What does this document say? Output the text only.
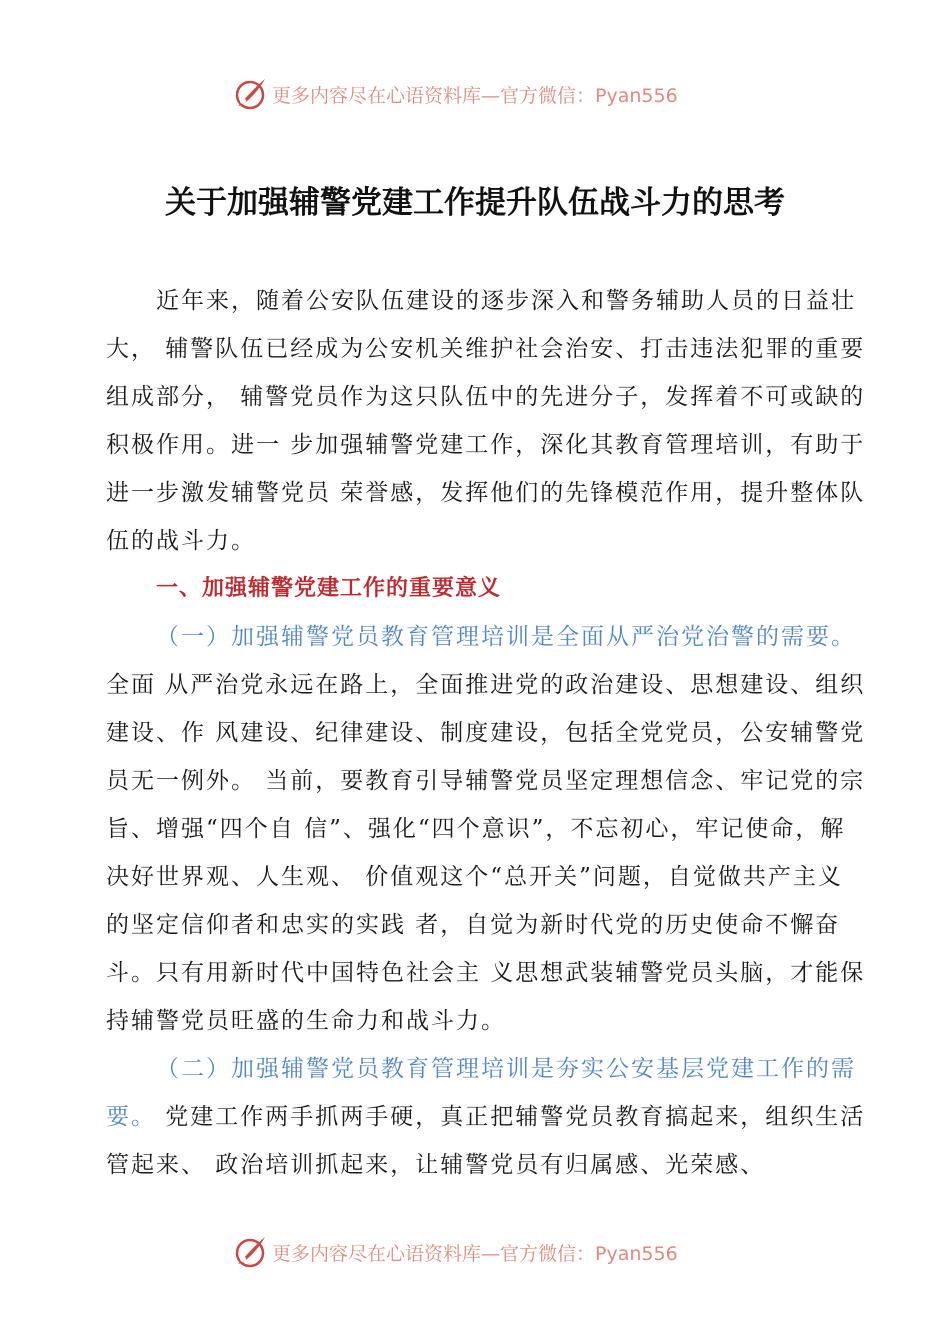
更多内容尽在心语资料库—官方微信：Pyan556
关于加强辅警党建工作提升队伍战斗力的思考

近年来，随着公安队伍建设的逐步深入和警务辅助人员的日益壮大， 辅警队伍已经成为公安机关维护社会治安、打击违法犯罪的重要组成部分， 辅警党员作为这只队伍中的先进分子，发挥着不可或缺的积极作用。进一 步加强辅警党建工作，深化其教育管理培训，有助于进一步激发辅警党员 荣誉感，发挥他们的先锋模范作用，提升整体队伍的战斗力。

一、加强辅警党建工作的重要意义

（一）加强辅警党员教育管理培训是全面从严治党治警的需要。全面 从严治党永远在路上，全面推进党的政治建设、思想建设、组织建设、作 风建设、纪律建设、制度建设，包括全党党员，公安辅警党员无一例外。 当前，要教育引导辅警党员坚定理想信念、牢记党的宗旨、增强“四个自 信”、强化“四个意识”，不忘初心，牢记使命，解决好世界观、人生观、 价值观这个“总开关”问题，自觉做共产主义的坚定信仰者和忠实的实践 者，自觉为新时代党的历史使命不懈奋斗。只有用新时代中国特色社会主 义思想武装辅警党员头脑，才能保持辅警党员旺盛的生命力和战斗力。

（二）加强辅警党员教育管理培训是夯实公安基层党建工作的需要。 党建工作两手抓两手硬，真正把辅警党员教育搞起来，组织生活管起来、 政治培训抓起来，让辅警党员有归属感、光荣感、

更多内容尽在心语资料库—官方微信：Pyan556
